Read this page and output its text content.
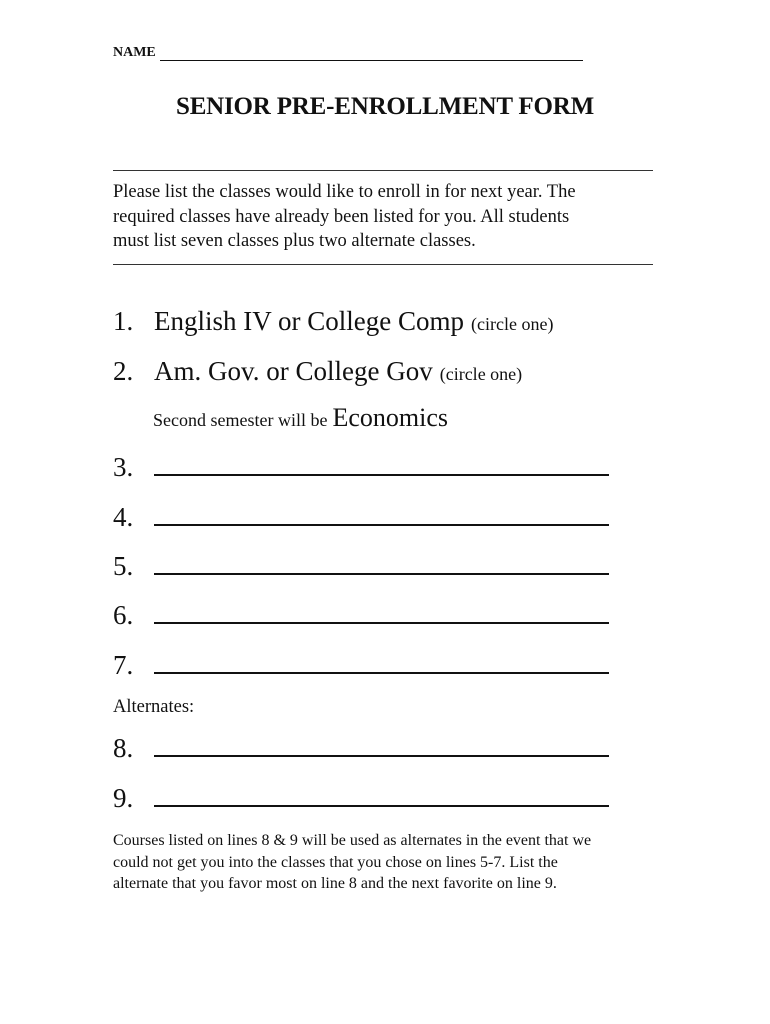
NAME
SENIOR PRE-ENROLLMENT FORM
Please list the classes would like to enroll in for next year. The
required classes have already been listed for you. All students
must list seven classes plus two alternate classes.
1. English IV or College Comp (circle one)
2. Am. Gov. or College Gov (circle one)
Second semester will be Economics
3.
4.
5.
6.
7.
Alternates:
8.
9.
Courses listed on lines 8 & 9 will be used as alternates in the event that we
could not get you into the classes that you chose on lines 5-7. List the
alternate that you favor most on line 8 and the next favorite on line 9.
